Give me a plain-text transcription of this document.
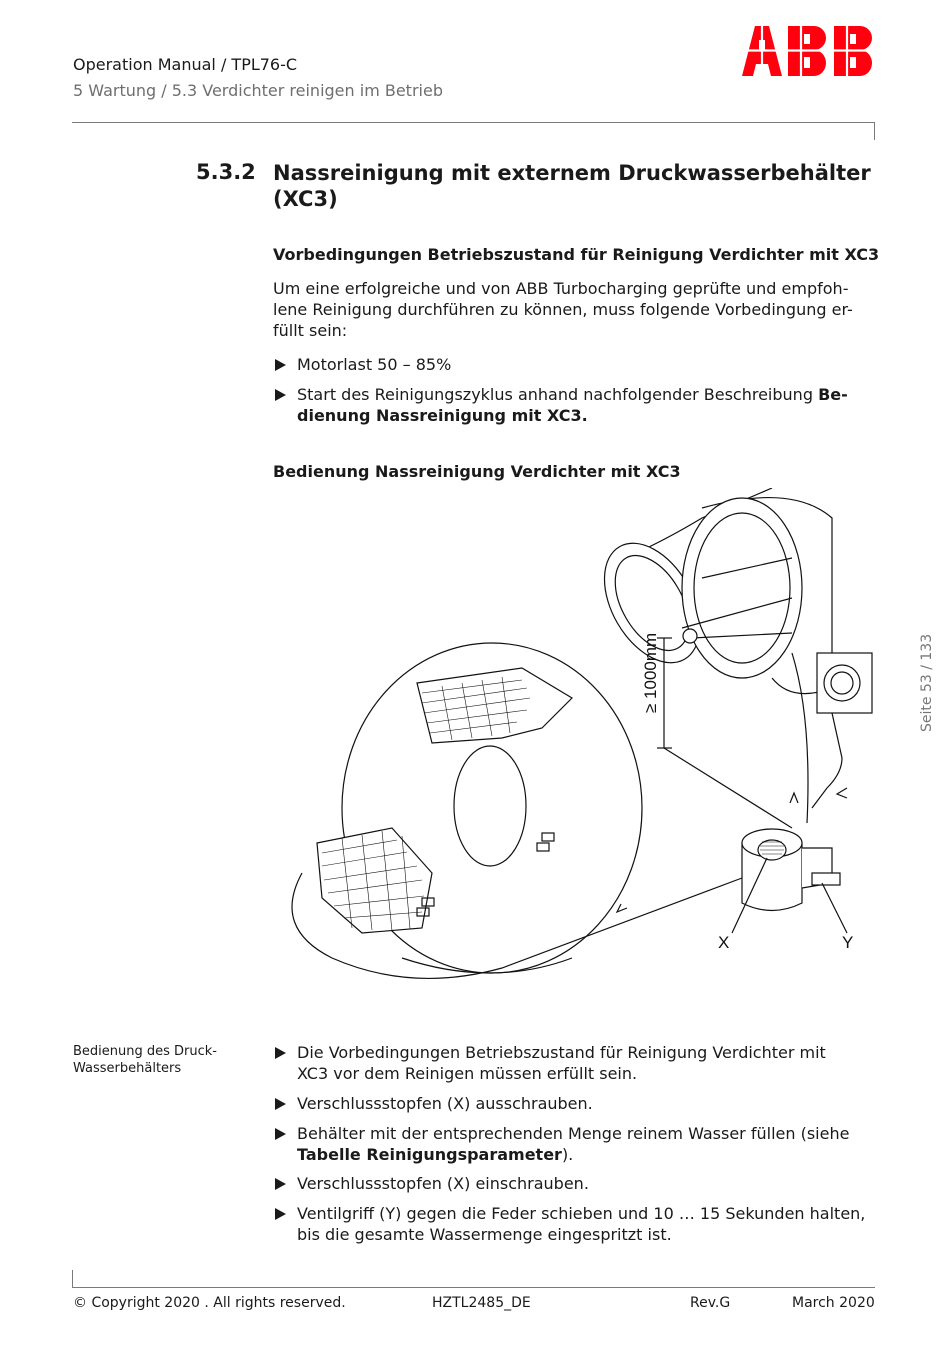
Operation Manual / TPL76-C
5 Wartung / 5.3 Verdichter reinigen im Betrieb
Seite 53 / 133
5.3.2 Nassreinigung mit externem Druckwasserbehälter (XC3)
Vorbedingungen Betriebszustand für Reinigung Verdichter mit XC3
Um eine erfolgreiche und von ABB Turbocharging geprüfte und empfoh-
lene Reinigung durchführen zu können, muss folgende Vorbedingung er-
füllt sein:
Motorlast 50 – 85%
Start des Reinigungszyklus anhand nachfolgender Beschreibung Be-
dienung Nassreinigung mit XC3.
Bedienung Nassreinigung Verdichter mit XC3
≥ 1000mm
X	Y
Bedienung des Druck-
Wasserbehälters
Die Vorbedingungen Betriebszustand für Reinigung Verdichter mit
XC3 vor dem Reinigen müssen erfüllt sein.
Verschlussstopfen (X) ausschrauben.
Behälter mit der entsprechenden Menge reinem Wasser füllen (siehe
Tabelle Reinigungsparameter).
Verschlussstopfen (X) einschrauben.
Ventilgriff (Y) gegen die Feder schieben und 10 … 15 Sekunden halten,
bis die gesamte Wassermenge eingespritzt ist.
© Copyright 2020 . All rights reserved.	HZTL2485_DE	Rev.G	March 2020
